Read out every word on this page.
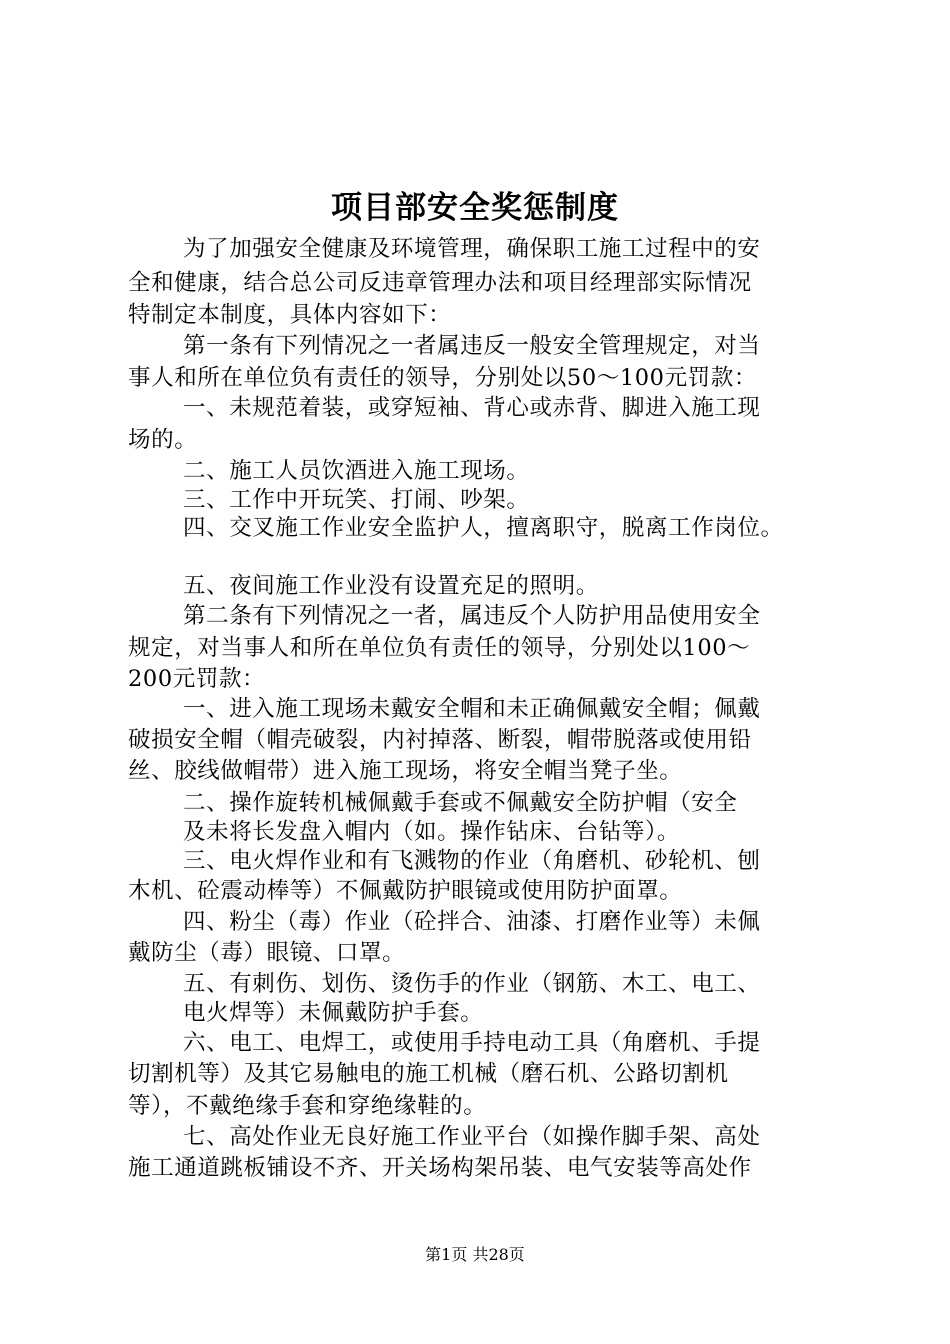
项目部安全奖惩制度
为了加强安全健康及环境管理，确保职工施工过程中的安
全和健康，结合总公司反违章管理办法和项目经理部实际情况
特制定本制度，具体内容如下：
第一条有下列情况之一者属违反一般安全管理规定，对当
事人和所在单位负有责任的领导，分别处以50～100元罚款：
一、未规范着装，或穿短袖、背心或赤背、脚进入施工现
场的。
二、施工人员饮酒进入施工现场。
三、工作中开玩笑、打闹、吵架。
四、交叉施工作业安全监护人，擅离职守，脱离工作岗位。
五、夜间施工作业没有设置充足的照明。
第二条有下列情况之一者，属违反个人防护用品使用安全
规定，对当事人和所在单位负有责任的领导，分别处以100～
200元罚款：
一、进入施工现场未戴安全帽和未正确佩戴安全帽；佩戴
破损安全帽（帽壳破裂，内衬掉落、断裂，帽带脱落或使用铅
丝、胶线做帽带）进入施工现场，将安全帽当凳子坐。
二、操作旋转机械佩戴手套或不佩戴安全防护帽（安全
及未将长发盘入帽内（如。操作钻床、台钻等）。
三、电火焊作业和有飞溅物的作业（角磨机、砂轮机、刨
木机、砼震动棒等）不佩戴防护眼镜或使用防护面罩。
四、粉尘（毒）作业（砼拌合、油漆、打磨作业等）未佩
戴防尘（毒）眼镜、口罩。
五、有刺伤、划伤、烫伤手的作业（钢筋、木工、电工、
电火焊等）未佩戴防护手套。
六、电工、电焊工，或使用手持电动工具（角磨机、手提
切割机等）及其它易触电的施工机械（磨石机、公路切割机
等），不戴绝缘手套和穿绝缘鞋的。
七、高处作业无良好施工作业平台（如操作脚手架、高处
施工通道跳板铺设不齐、开关场构架吊装、电气安装等高处作
第1页 共28页
